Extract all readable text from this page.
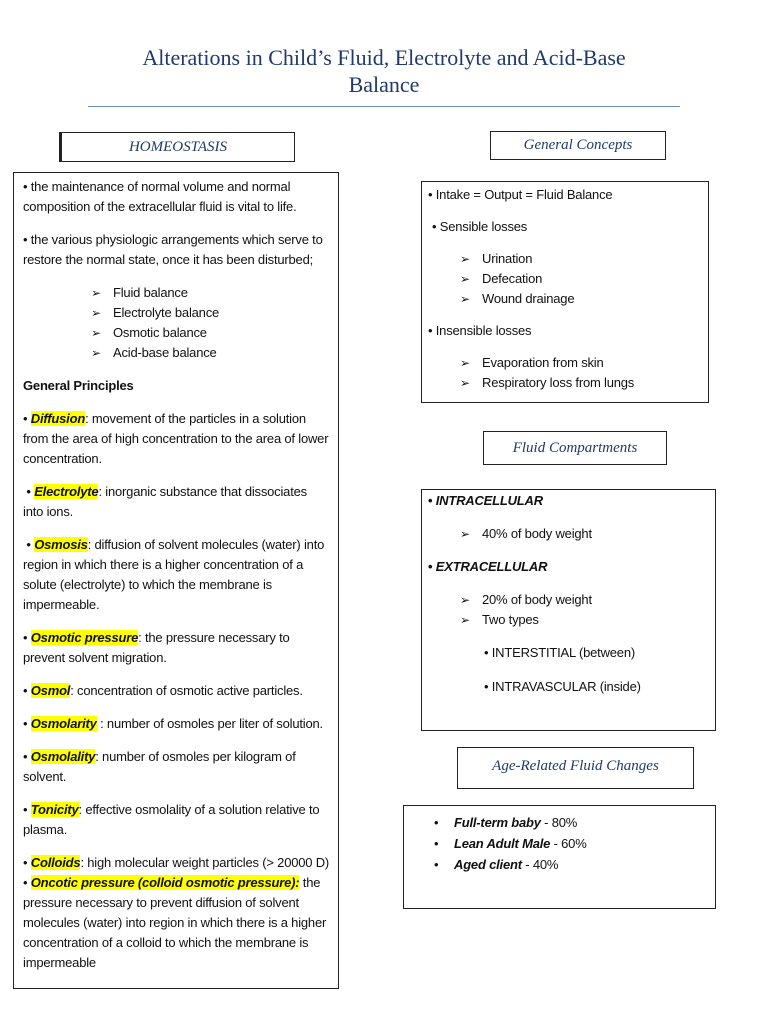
Alterations in Child’s Fluid, Electrolyte and Acid-Base
Balance
HOMEOSTASIS

• the maintenance of normal volume and normal composition of the extracellular fluid is vital to life.

• the various physiologic arrangements which serve to restore the normal state, once it has been disturbed;

➢ Fluid balance
➢ Electrolyte balance
➢ Osmotic balance
➢ Acid-base balance

General Principles

• Diffusion: movement of the particles in a solution from the area of high concentration to the area of lower concentration.

• Electrolyte: inorganic substance that dissociates into ions.

• Osmosis: diffusion of solvent molecules (water) into region in which there is a higher concentration of a solute (electrolyte) to which the membrane is impermeable.

• Osmotic pressure: the pressure necessary to prevent solvent migration.

• Osmol: concentration of osmotic active particles.

• Osmolarity : number of osmoles per liter of solution.

• Osmolality: number of osmoles per kilogram of solvent.

• Tonicity: effective osmolality of a solution relative to plasma.

• Colloids: high molecular weight particles (> 20000 D)

• Oncotic pressure (colloid osmotic pressure): the pressure necessary to prevent diffusion of solvent molecules (water) into region in which there is a higher concentration of a colloid to which the membrane is impermeable

General Concepts

• Intake = Output = Fluid Balance

• Sensible losses

➢ Urination
➢ Defecation
➢ Wound drainage

• Insensible losses

➢ Evaporation from skin
➢ Respiratory loss from lungs
Fluid Compartments

• INTRACELLULAR

➢ 40% of body weight

• EXTRACELLULAR

➢ 20% of body weight
➢ Two types

• INTERSTITIAL (between)

• INTRAVASCULAR (inside)

Age-Related Fluid Changes
• Full-term baby - 80%
• Lean Adult Male - 60%
• Aged client - 40%
